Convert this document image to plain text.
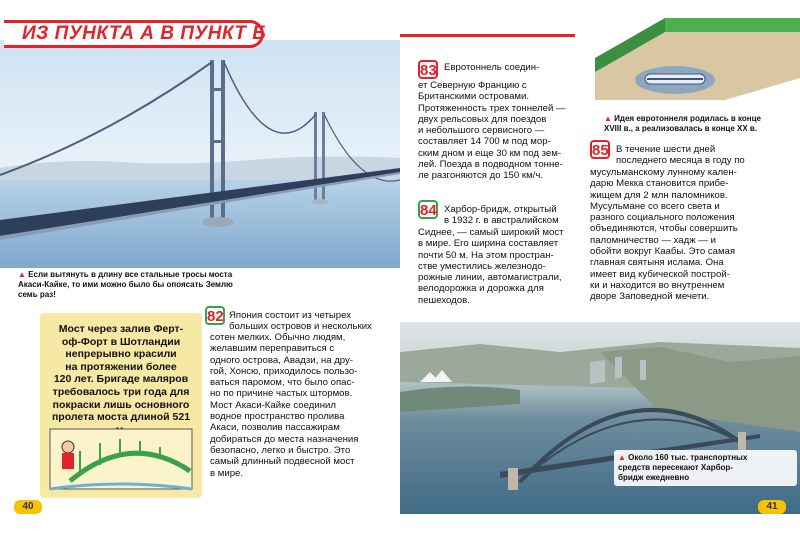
ИЗ ПУНКТА А В ПУНКТ Б
▲ Если вытянуть в длину все стальные тросы моста
Акаси-Кайке, то ими можно было бы опоясать Землю
семь раз!
Мост через залив Ферт-
оф-Форт в Шотландии
непрерывно красили
на протяжении более
120 лет. Бригаде маляров
требовалось три года для
покраски лишь основного
пролета моста длиной 521
82 Япония состоит из четырех
больших островов и нескольких
сотен мелких. Обычно людям,
желавшим переправиться с
одного острова, Авадзи, на дру-
гой, Хонсю, приходилось пользо-
ваться паромом, что было опас-
но по причине частых штормов.
Мост Акаси-Кайке соединил
водное пространство пролива
Акаси, позволив пассажирам
добираться до места назначения
безопасно, легко и быстро. Это
самый длинный подвесной мост
в мире.
40
83 Евротоннель соедин-
ет Северную Францию с
Британскими островами.
Протяженность трех тоннелей —
двух рельсовых для поездов
и небольшого сервисного —
составляет 14 700 м под мор-
ским дном и еще 30 км под зем-
лей. Поезда в подводном тонне-
ле разгоняются до 150 км/ч.
▲ Идея евротоннеля родилась в конце
XVIII в., а реализовалась в конце XX в.
84 Харбор-бридж, открытый
в 1932 г. в австралийском
Сиднее, — самый широкий мост
в мире. Его ширина составляет
почти 50 м. На этом простран-
стве уместились железнодо-
рожные линии, автомагистрали,
велодорожка и дорожка для
пешеходов.
85 В течение шести дней
последнего месяца в году по
мусульманскому лунному кален-
дарю Мекка становится прибе-
жищем для 2 млн паломников.
Мусульмане со всего света и
разного социального положения
объединяются, чтобы совершить
паломничество — хадж — и
обойти вокруг Каабы. Это самая
главная святыня ислама. Она
имеет вид кубической построй-
ки и находится во внутреннем
дворе Заповедной мечети.
▲ Около 160 тыс. транспортных
средств пересекают Харбор-
бридж ежедневно
41
